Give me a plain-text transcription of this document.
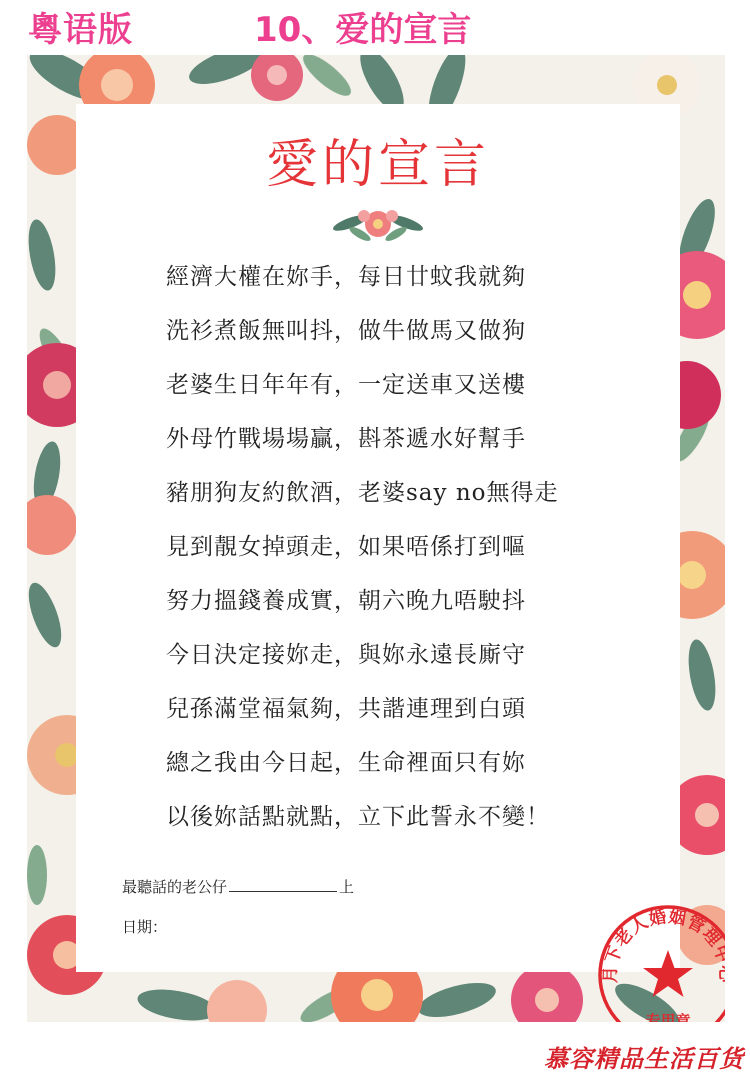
粵语版	10、爱的宣言
愛的宣言
經濟大權在妳手，每日廿蚊我就夠
洗衫煮飯無叫抖，做牛做馬又做狗
老婆生日年年有，一定送車又送樓
外母竹戰場場贏，斟茶遞水好幫手
豬朋狗友約飲酒，老婆say no無得走
見到靚女掉頭走，如果唔係打到嘔
努力搵錢養成實，朝六晚九唔駛抖
今日決定接妳走，與妳永遠長廝守
兒孫滿堂福氣夠，共諧連理到白頭
總之我由今日起，生命裡面只有妳
以後妳話點就點，立下此誓永不變！
最聽話的老公仔	上
日期：
月下老人婚姻管理中心
专用章
慕容精品生活百货
